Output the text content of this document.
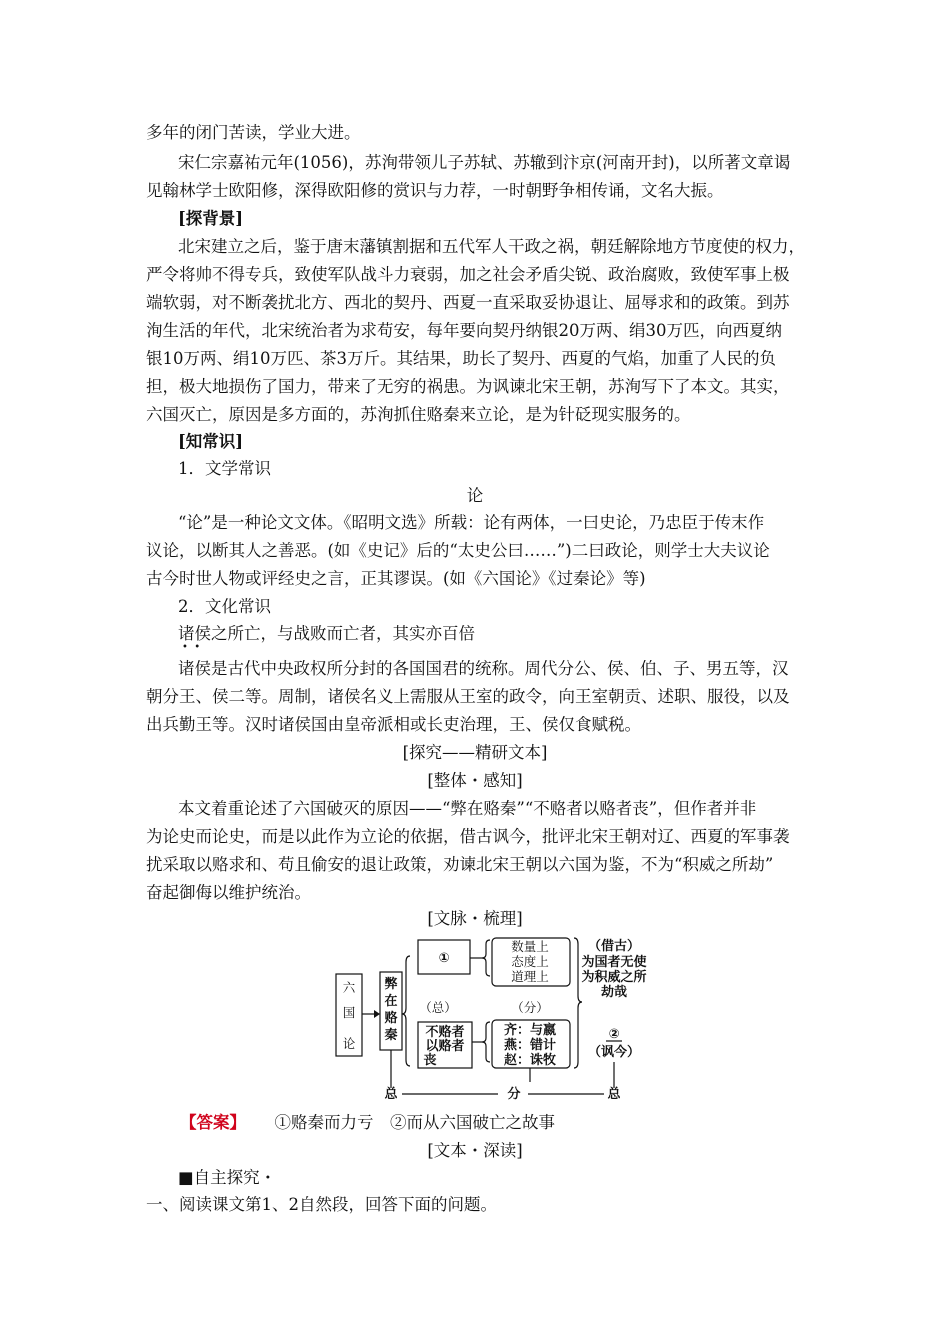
多年的闭门苦读，学业大进。
宋仁宗嘉祐元年(1056)，苏洵带领儿子苏轼、苏辙到汴京(河南开封)，以所著文章谒
见翰林学士欧阳修，深得欧阳修的赏识与力荐，一时朝野争相传诵，文名大振。
[探背景]
北宋建立之后，鉴于唐末藩镇割据和五代军人干政之祸，朝廷解除地方节度使的权力，
严令将帅不得专兵，致使军队战斗力衰弱，加之社会矛盾尖锐、政治腐败，致使军事上极
端软弱，对不断袭扰北方、西北的契丹、西夏一直采取妥协退让、屈辱求和的政策。到苏
洵生活的年代，北宋统治者为求苟安，每年要向契丹纳银20万两、绢30万匹，向西夏纳
银10万两、绢10万匹、茶3万斤。其结果，助长了契丹、西夏的气焰，加重了人民的负
担，极大地损伤了国力，带来了无穷的祸患。为讽谏北宋王朝，苏洵写下了本文。其实，
六国灭亡，原因是多方面的，苏洵抓住赂秦来立论，是为针砭现实服务的。
[知常识]
1．文学常识
论
“论”是一种论文文体。《昭明文选》所载：论有两体，一曰史论，乃忠臣于传末作
议论，以断其人之善恶。(如《史记》后的“太史公曰……”)二曰政论，则学士大夫议论
古今时世人物或评经史之言，正其谬误。(如《六国论》《过秦论》等)
2．文化常识
诸侯之所亡，与战败而亡者，其实亦百倍
•  •
诸侯是古代中央政权所分封的各国国君的统称。周代分公、侯、伯、子、男五等，汉
朝分王、侯二等。周制，诸侯名义上需服从王室的政令，向王室朝贡、述职、服役，以及
出兵勤王等。汉时诸侯国由皇帝派相或长吏治理，王、侯仅食赋税。
[探究——精研文本]
[整体・感知]
本文着重论述了六国破灭的原因——“弊在赂秦”“不赂者以赂者丧”，但作者并非
为论史而论史，而是以此作为立论的依据，借古讽今，批评北宋王朝对辽、西夏的军事袭
扰采取以赂求和、苟且偷安的退让政策，劝谏北宋王朝以六国为鉴，不为“积威之所劫”
奋起御侮以维护统治。
[文脉・梳理]
六
国
论
弊
在
赂
秦
①
数量上
态度上
道理上
（总）	（分）
不赂者
以赂者
丧
齐：与嬴
燕：错计
赵：诛牧
（借古）
为国者无使
为积威之所
劫哉
②
（讽今）
总	分	总
【答案】 ①赂秦而力亏　②而从六国破亡之故事
[文本・深读]
■自主探究・
一、阅读课文第1、2自然段，回答下面的问题。
